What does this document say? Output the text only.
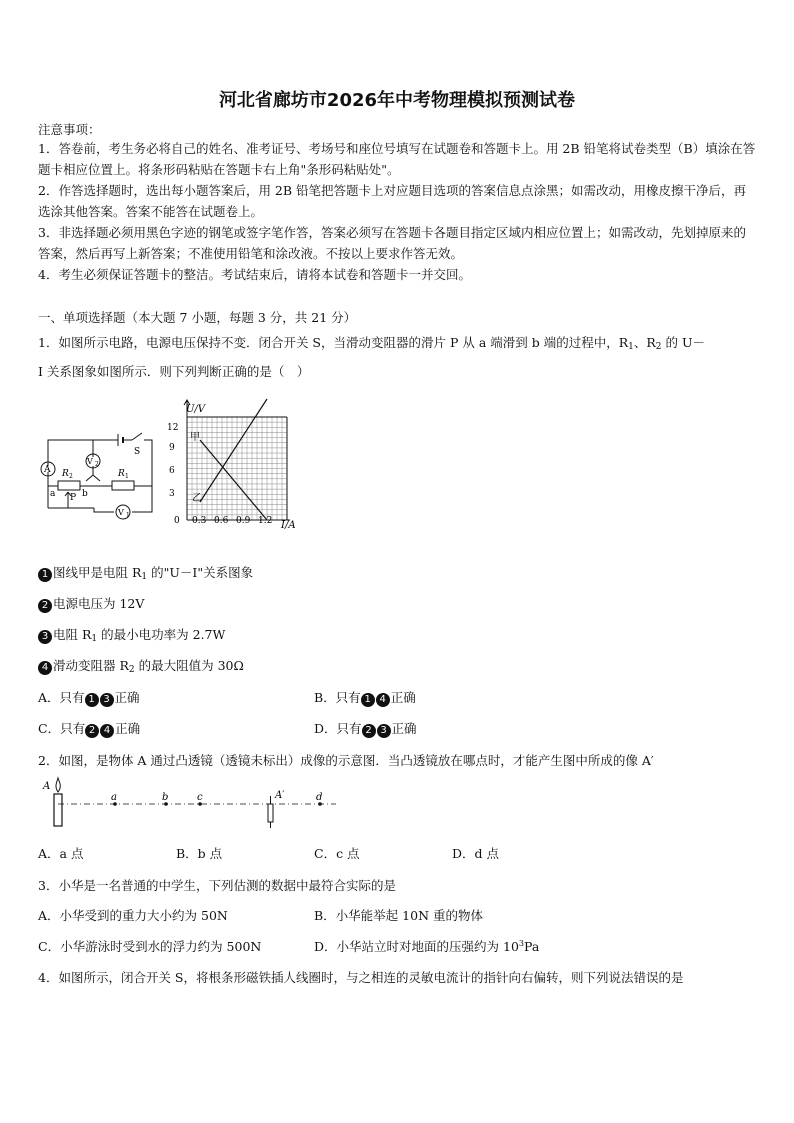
河北省廊坊市2026年中考物理模拟预测试卷
注意事项：
1．答卷前，考生务必将自己的姓名、准考证号、考场号和座位号填写在试题卷和答题卡上。用 2B 铅笔将试卷类型（B）填涂在答题卡相应位置上。将条形码粘贴在答题卡右上角"条形码粘贴处"。
2．作答选择题时，选出每小题答案后，用 2B 铅笔把答题卡上对应题目选项的答案信息点涂黑；如需改动，用橡皮擦干净后，再选涂其他答案。答案不能答在试题卷上。
3．非选择题必须用黑色字迹的钢笔或签字笔作答，答案必须写在答题卡各题目指定区域内相应位置上；如需改动，先划掉原来的答案，然后再写上新答案；不准使用铅笔和涂改液。不按以上要求作答无效。
4．考生必须保证答题卡的整洁。考试结束后，请将本试卷和答题卡一并交回。
一、单项选择题（本大题 7 小题，每题 3 分，共 21 分）
1．如图所示电路，电源电压保持不变．闭合开关 S，当滑动变阻器的滑片 P 从 a 端滑到 b 端的过程中，$R_1$、$R_2$ 的 U－
I 关系图象如图所示．则下列判断正确的是（　）
A
V 2
V 1
R 2	R 1
S
a	b
P
U/V
I/A
12
9
6
3
0 0.3 0.6 0.9 1.2
甲
乙
1 图线甲是电阻 $R_1$ 的"U－I"关系图象
2 电源电压为 12V
3 电阻 $R_1$ 的最小电功率为 2.7W
4 滑动变阻器 $R_2$ 的最大阻值为 30Ω
A．只有 1 3 正确	B．只有 1 4 正确
C．只有 2 4 正确	D．只有 2 3 正确
2．如图，是物体 A 通过凸透镜（透镜未标出）成像的示意图．当凸透镜放在哪点时，才能产生图中所成的像 A′
A
A′
a	b	c	d
A．a 点	B．b 点	C．c 点	D．d 点
3．小华是一名普通的中学生，下列估测的数据中最符合实际的是
A．小华受到的重力大小约为 50N	B．小华能举起 10N 重的物体
C．小华游泳时受到水的浮力约为 500N	D．小华站立时对地面的压强约为 $10^3Pa$
4．如图所示，闭合开关 S，将根条形磁铁插人线圈时，与之相连的灵敏电流计的指针向右偏转，则下列说法错误的是
